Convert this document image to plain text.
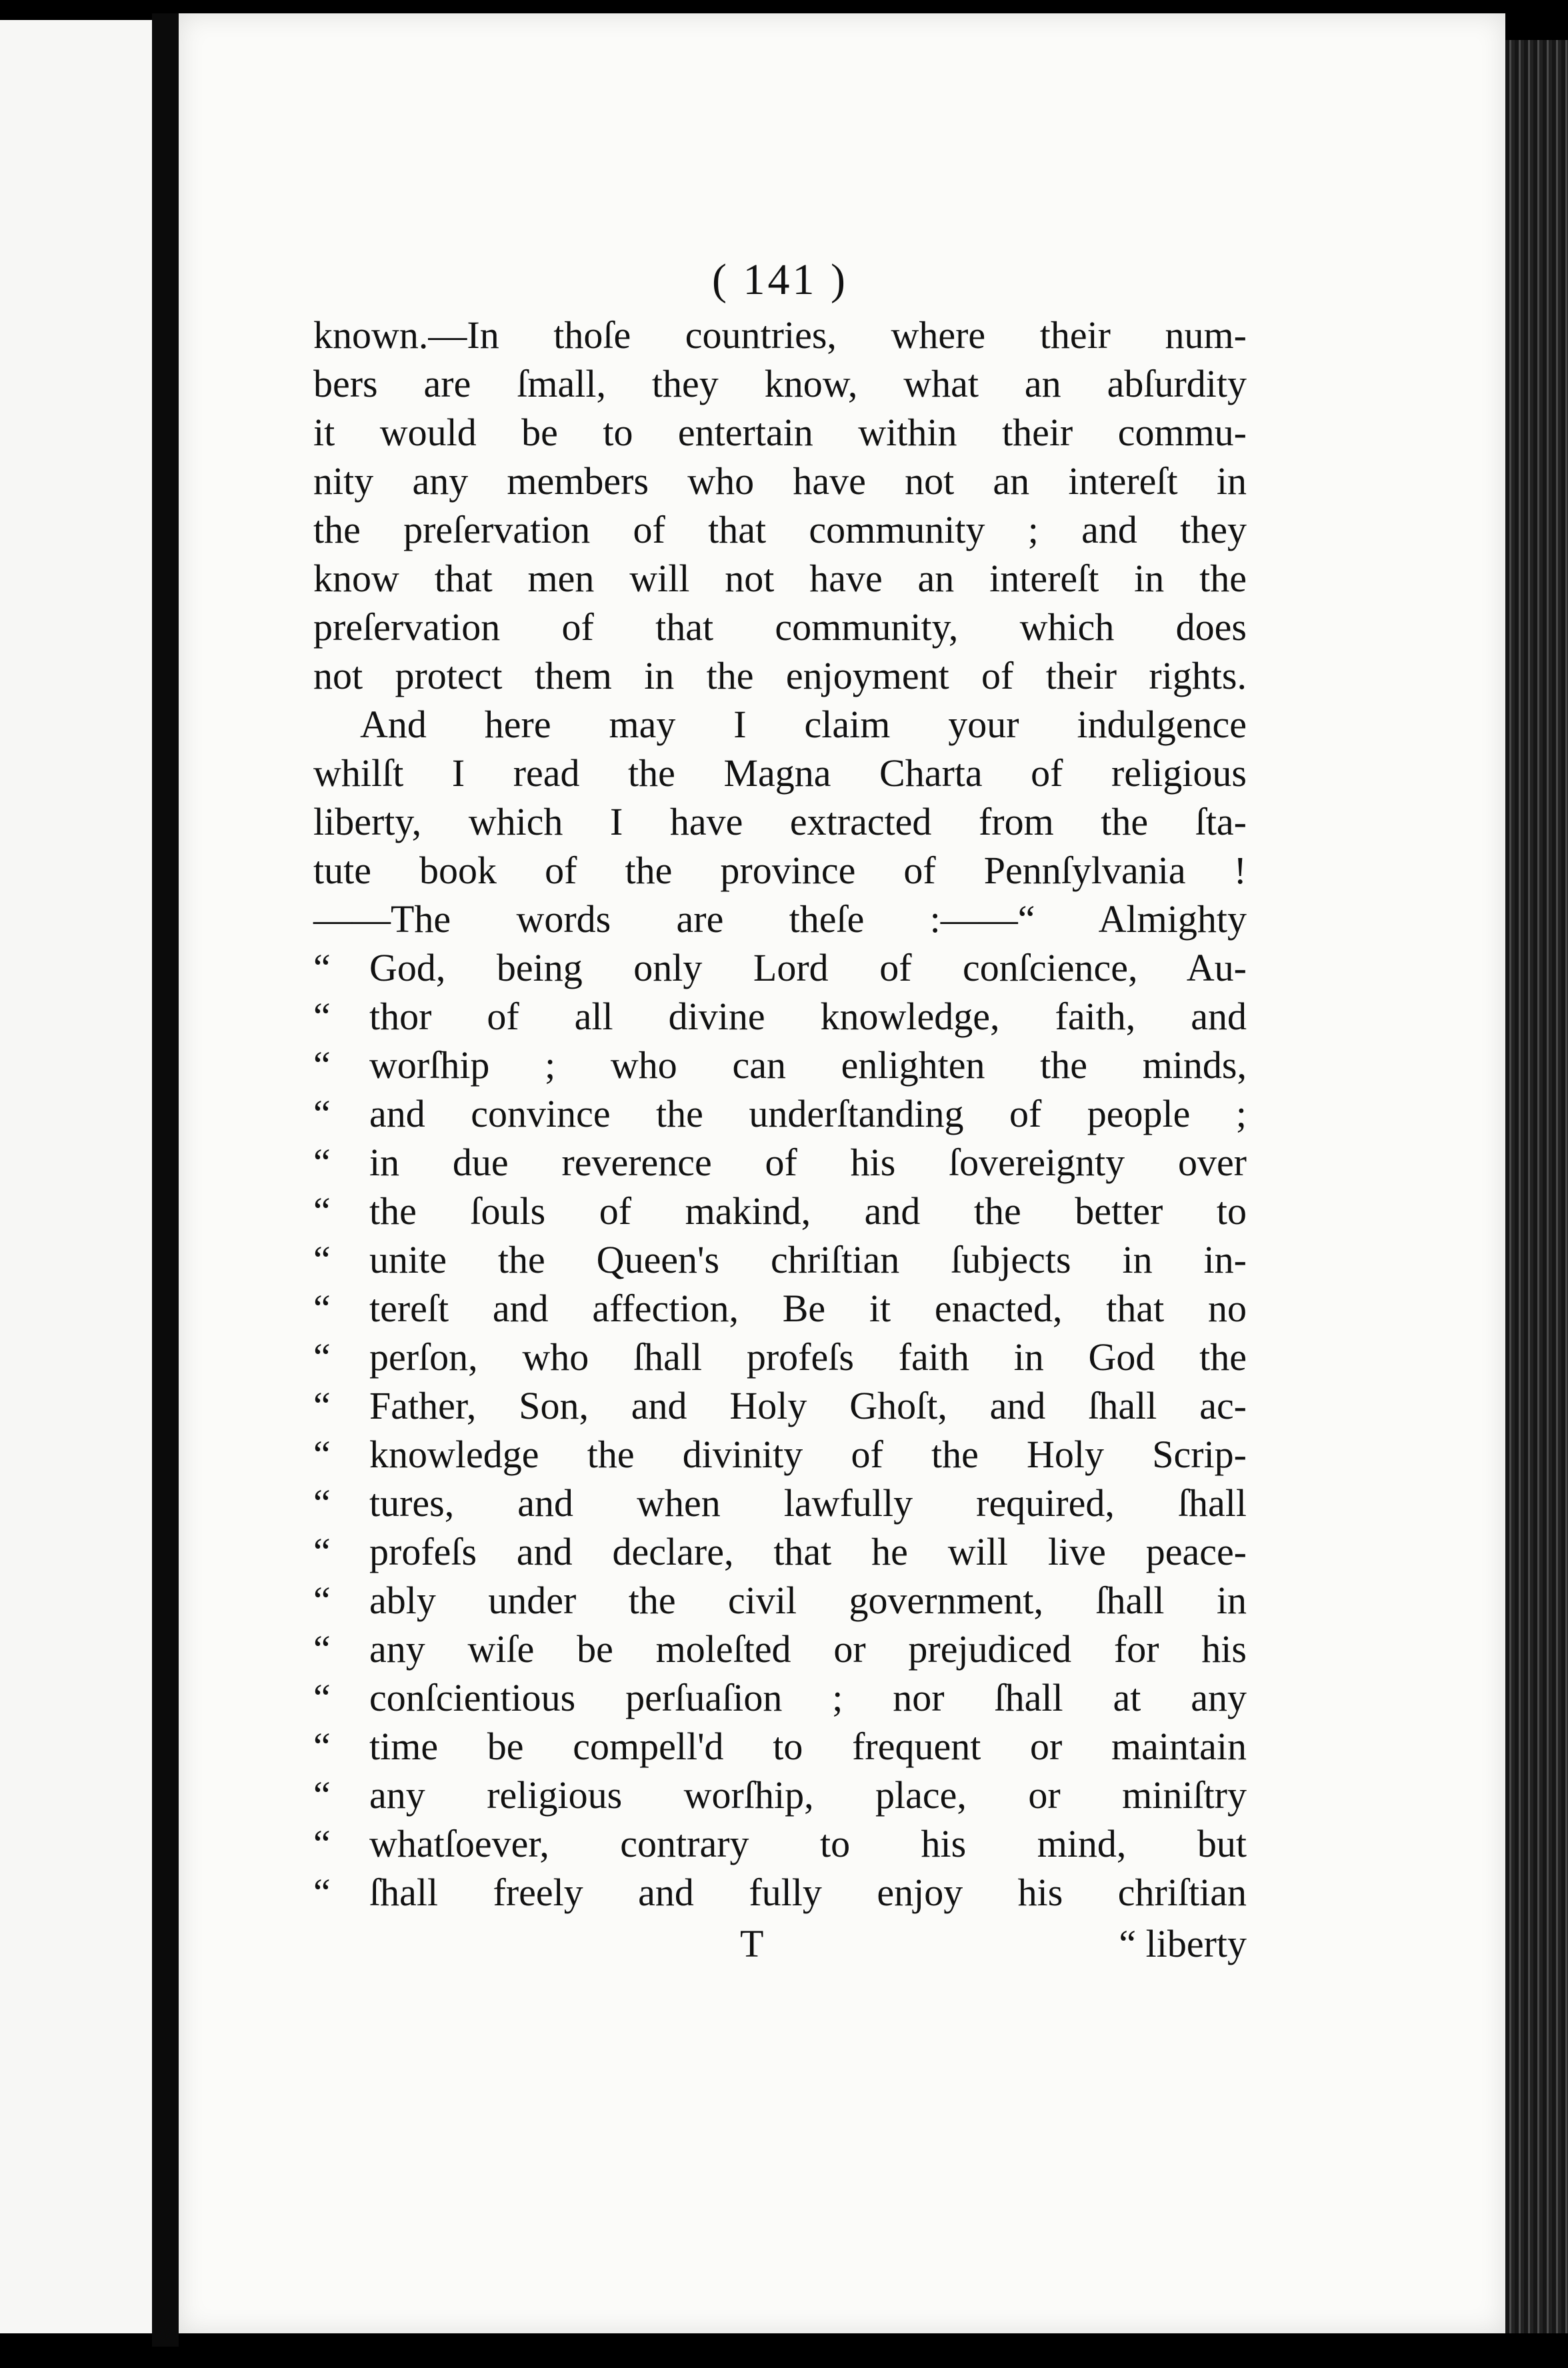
( 141 )
known.—In thoſe countries, where their num-
bers are ſmall, they know, what an abſurdity
it would be to entertain within their commu-
nity any members who have not an intereſt in
the preſervation of that community ; and they
know that men will not have an intereſt in the
preſervation of that community, which does
not protect them in the enjoyment of their rights.
And here may I claim your indulgence
whilſt I read the Magna Charta of religious
liberty, which I have extracted from the ſta-
tute book of the province of Pennſylvania !
——The words are theſe :——“ Almighty
“ God, being only Lord of conſcience, Au-
“ thor of all divine knowledge, faith, and
“ worſhip ; who can enlighten the minds,
“ and convince the underſtanding of people ;
“ in due reverence of his ſovereignty over
“ the ſouls of makind, and the better to
“ unite the Queen's chriſtian ſubjects in in-
“ tereſt and affection, Be it enacted, that no
“ perſon, who ſhall profeſs faith in God the
“ Father, Son, and Holy Ghoſt, and ſhall ac-
“ knowledge the divinity of the Holy Scrip-
“ tures, and when lawfully required, ſhall
“ profeſs and declare, that he will live peace-
“ ably under the civil government, ſhall in
“ any wiſe be moleſted or prejudiced for his
“ conſcientious perſuaſion ; nor ſhall at any
“ time be compell'd to frequent or maintain
“ any religious worſhip, place, or miniſtry
“ whatſoever, contrary to his mind, but
“ ſhall freely and fully enjoy his chriſtian
T
“	liberty
